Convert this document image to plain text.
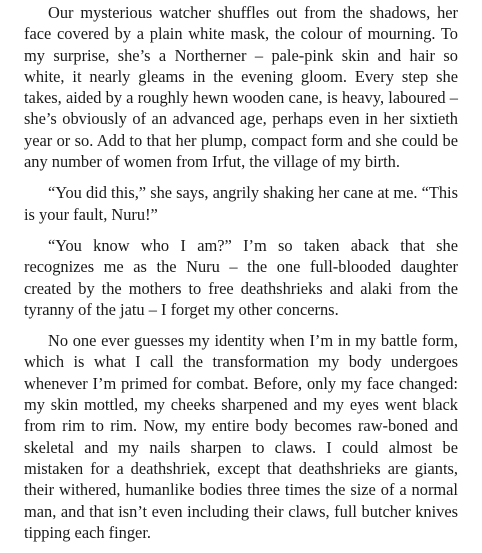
Our mysterious watcher shuffles out from the shadows, her face covered by a plain white mask, the colour of mourning. To my surprise, she’s a Northerner – pale-pink skin and hair so white, it nearly gleams in the evening gloom. Every step she takes, aided by a roughly hewn wooden cane, is heavy, laboured – she’s obviously of an advanced age, perhaps even in her sixtieth year or so. Add to that her plump, compact form and she could be any number of women from Irfut, the village of my birth.

“You did this,” she says, angrily shaking her cane at me. “This is your fault, Nuru!”

“You know who I am?” I’m so taken aback that she recognizes me as the Nuru – the one full-blooded daughter created by the mothers to free deathshrieks and alaki from the tyranny of the jatu – I forget my other concerns.

No one ever guesses my identity when I’m in my battle form, which is what I call the transformation my body undergoes whenever I’m primed for combat. Before, only my face changed: my skin mottled, my cheeks sharpened and my eyes went black from rim to rim. Now, my entire body becomes raw-boned and skeletal and my nails sharpen to claws. I could almost be mistaken for a deathshriek, except that deathshrieks are giants, their withered, humanlike bodies three times the size of a normal man, and that isn’t even including their claws, full butcher knives tipping each finger.
